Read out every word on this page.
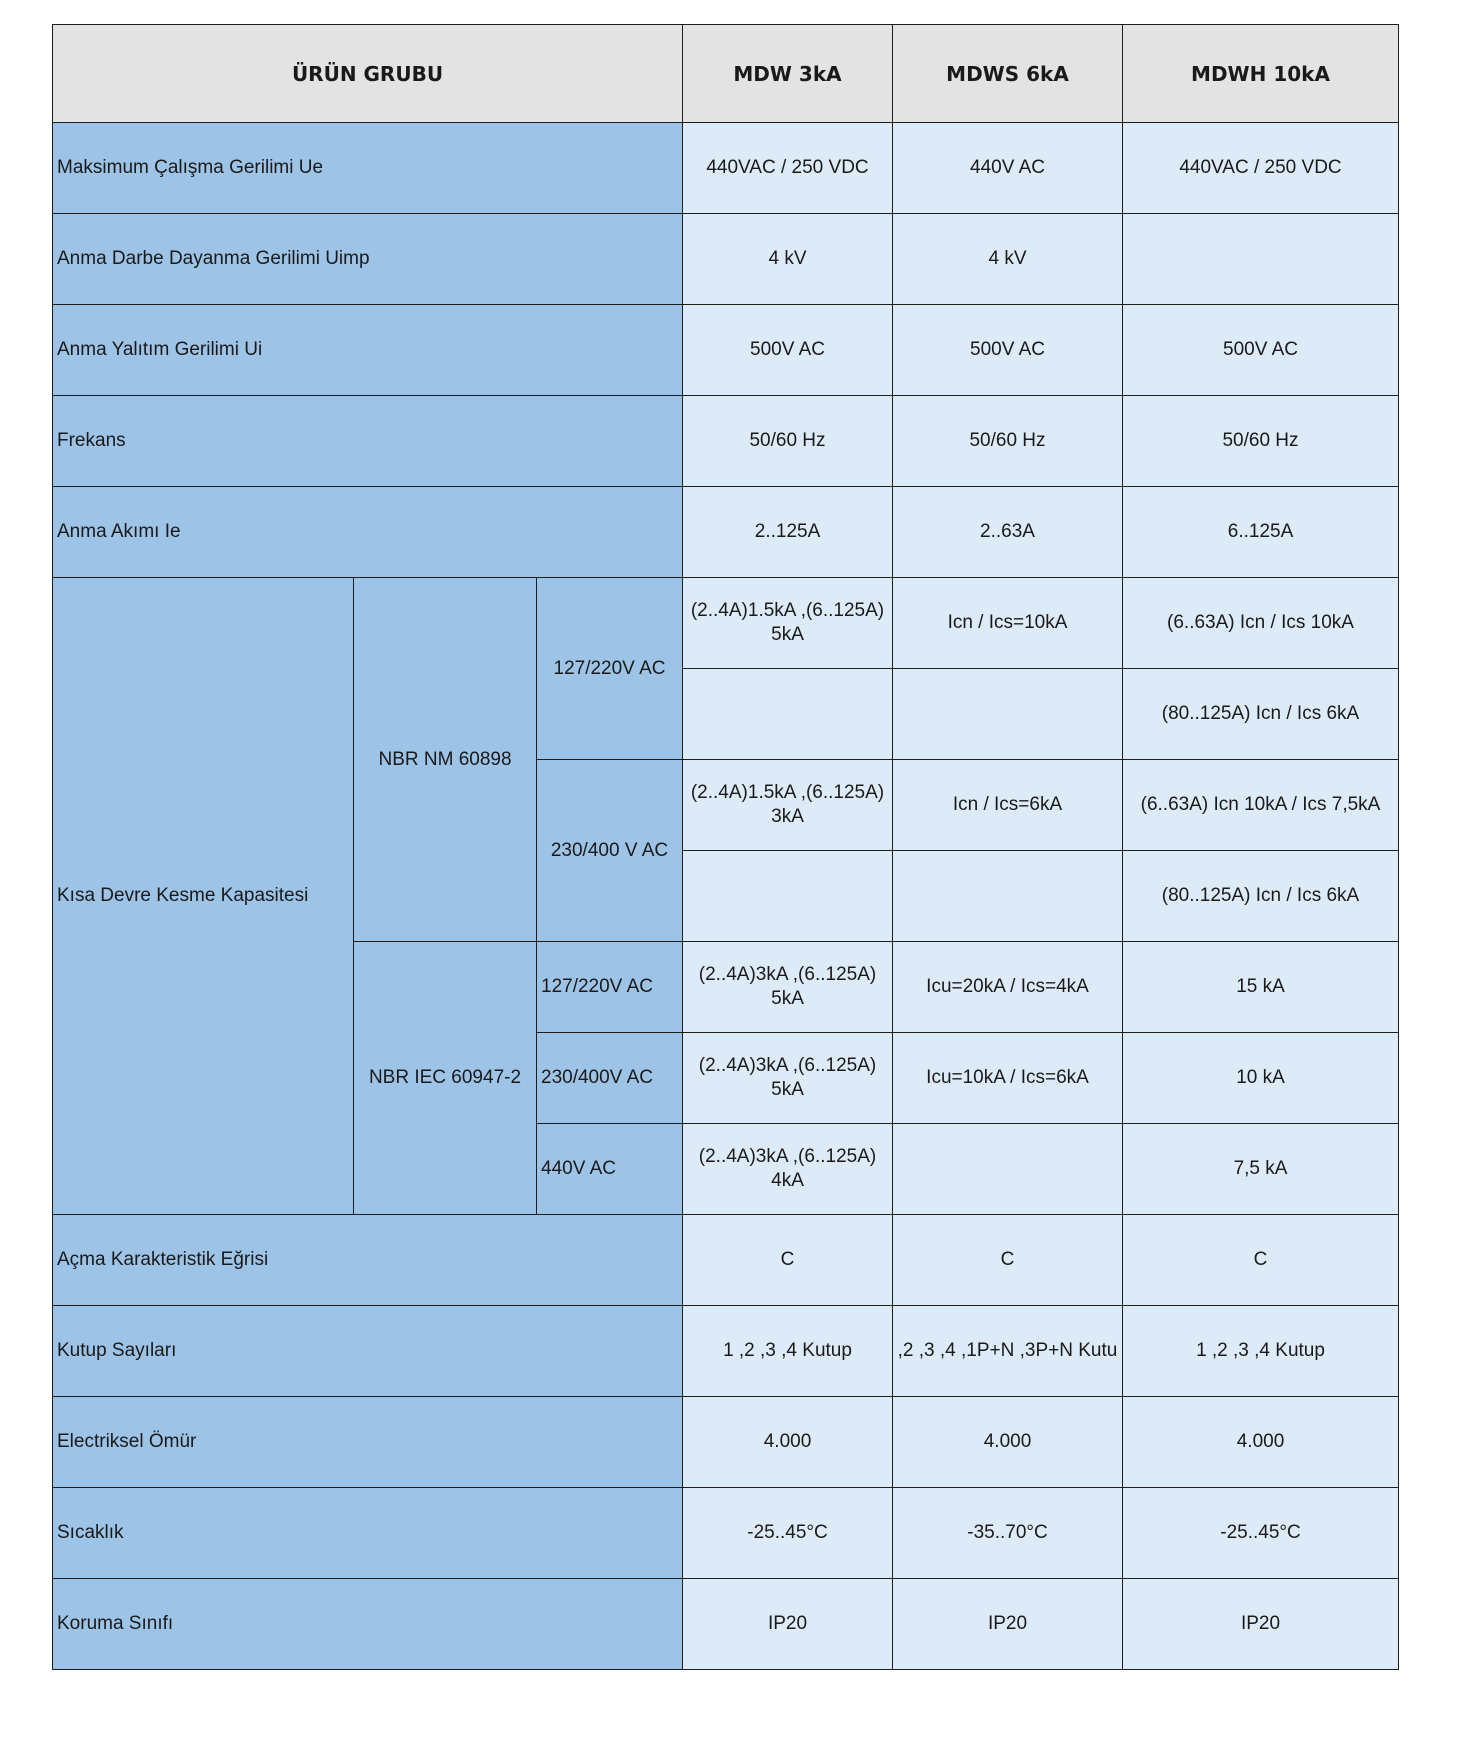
ÜRÜN GRUBU			MDW 3kA	MDWS 6kA	MDWH 10kA
Maksimum Çalışma Gerilimi Ue			440VAC / 250 VDC	440V AC	440VAC / 250 VDC
Anma Darbe Dayanma Gerilimi Uimp			4 kV	4 kV	
Anma Yalıtım Gerilimi Ui			500V AC	500V AC	500V AC
Frekans			50/60 Hz	50/60 Hz	50/60 Hz
Anma Akımı Ie			2..125A	2..63A	6..125A
Kısa Devre Kesme Kapasitesi	NBR NM 60898	127/220V AC	(2..4A)1.5kA ,(6..125A) 5kA	Icn / Ics=10kA	(6..63A) Icn / Ics 10kA
					(80..125A) Icn / Ics 6kA
		230/400 V AC	(2..4A)1.5kA ,(6..125A) 3kA	Icn / Ics=6kA	(6..63A) Icn 10kA / Ics 7,5kA
					(80..125A) Icn / Ics 6kA
	NBR IEC 60947-2	127/220V AC	(2..4A)3kA ,(6..125A) 5kA	Icu=20kA / Ics=4kA	15 kA
		230/400V AC	(2..4A)3kA ,(6..125A) 5kA	Icu=10kA / Ics=6kA	10 kA
		440V AC	(2..4A)3kA ,(6..125A) 4kA		7,5 kA
Açma Karakteristik Eğrisi			C	C	C
Kutup Sayıları			1 ,2 ,3 ,4 Kutup	,2 ,3 ,4 ,1P+N ,3P+N Kutu	1 ,2 ,3 ,4 Kutup
Electriksel Ömür			4.000	4.000	4.000
Sıcaklık			-25..45°C	-35..70°C	-25..45°C
Koruma Sınıfı			IP20	IP20	IP20
